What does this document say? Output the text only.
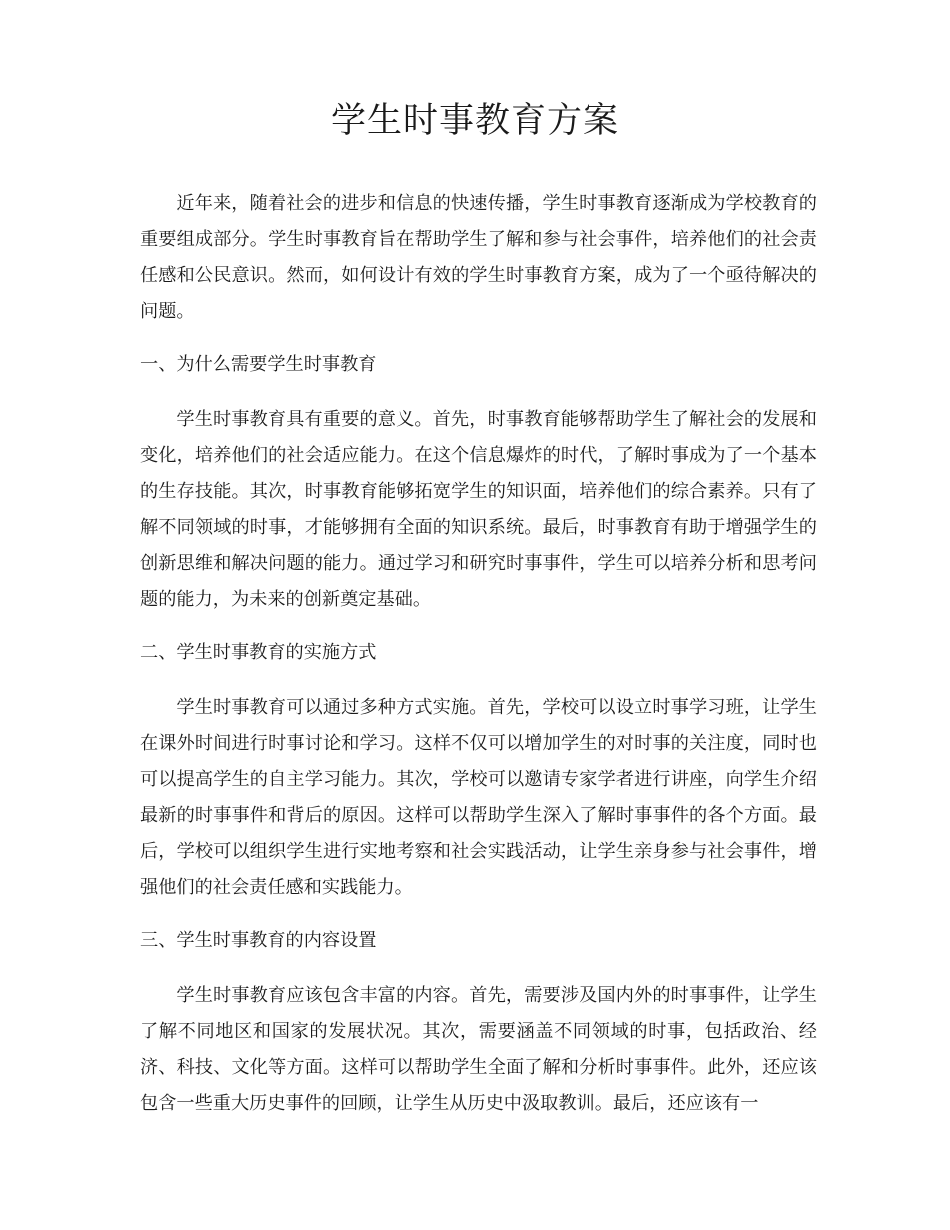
学生时事教育方案

近年来，随着社会的进步和信息的快速传播，学生时事教育逐渐成为学校教育的重要组成部分。学生时事教育旨在帮助学生了解和参与社会事件，培养他们的社会责任感和公民意识。然而，如何设计有效的学生时事教育方案，成为了一个亟待解决的问题。

一、为什么需要学生时事教育

学生时事教育具有重要的意义。首先，时事教育能够帮助学生了解社会的发展和变化，培养他们的社会适应能力。在这个信息爆炸的时代，了解时事成为了一个基本的生存技能。其次，时事教育能够拓宽学生的知识面，培养他们的综合素养。只有了解不同领域的时事，才能够拥有全面的知识系统。最后，时事教育有助于增强学生的创新思维和解决问题的能力。通过学习和研究时事事件，学生可以培养分析和思考问题的能力，为未来的创新奠定基础。

二、学生时事教育的实施方式

学生时事教育可以通过多种方式实施。首先，学校可以设立时事学习班，让学生在课外时间进行时事讨论和学习。这样不仅可以增加学生的对时事的关注度，同时也可以提高学生的自主学习能力。其次，学校可以邀请专家学者进行讲座，向学生介绍最新的时事事件和背后的原因。这样可以帮助学生深入了解时事事件的各个方面。最后，学校可以组织学生进行实地考察和社会实践活动，让学生亲身参与社会事件，增强他们的社会责任感和实践能力。

三、学生时事教育的内容设置

学生时事教育应该包含丰富的内容。首先，需要涉及国内外的时事事件，让学生了解不同地区和国家的发展状况。其次，需要涵盖不同领域的时事，包括政治、经济、科技、文化等方面。这样可以帮助学生全面了解和分析时事事件。此外，还应该包含一些重大历史事件的回顾，让学生从历史中汲取教训。最后，还应该有一
